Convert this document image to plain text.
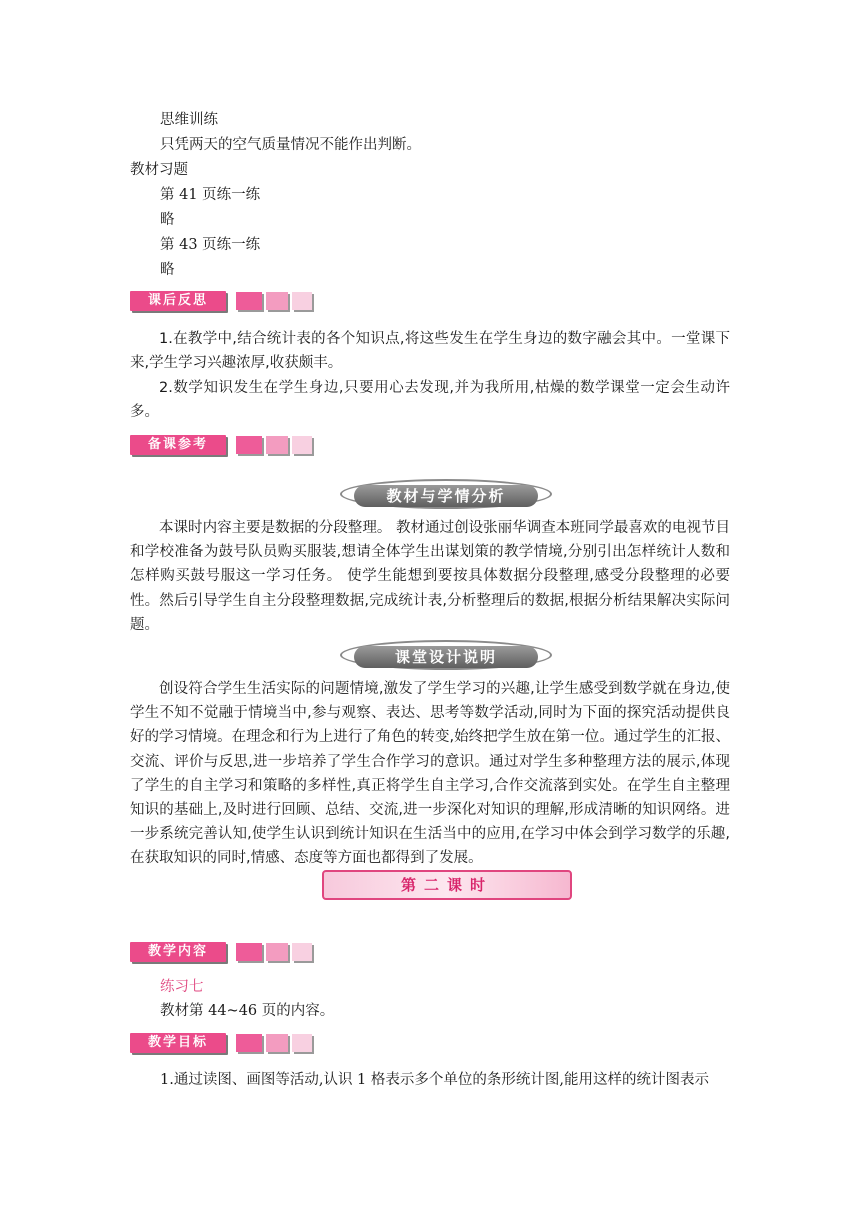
思维训练
只凭两天的空气质量情况不能作出判断。
教材习题
第 41 页练一练
略
第 43 页练一练
略
课后反思

1.在教学中,结合统计表的各个知识点,将这些发生在学生身边的数字融会其中。一堂课下来,学生学习兴趣浓厚,收获颇丰。

2.数学知识发生在学生身边,只要用心去发现,并为我所用,枯燥的数学课堂一定会生动许多。

备课参考
教材与学情分析

本课时内容主要是数据的分段整理。 教材通过创设张丽华调查本班同学最喜欢的电视节目和学校准备为鼓号队员购买服装,想请全体学生出谋划策的教学情境,分别引出怎样统计人数和怎样购买鼓号服这一学习任务。 使学生能想到要按具体数据分段整理,感受分段整理的必要性。然后引导学生自主分段整理数据,完成统计表,分析整理后的数据,根据分析结果解决实际问题。

课堂设计说明

创设符合学生生活实际的问题情境,激发了学生学习的兴趣,让学生感受到数学就在身边,使学生不知不觉融于情境当中,参与观察、表达、思考等数学活动,同时为下面的探究活动提供良好的学习情境。在理念和行为上进行了角色的转变,始终把学生放在第一位。通过学生的汇报、交流、评价与反思,进一步培养了学生合作学习的意识。通过对学生多种整理方法的展示,体现了学生的自主学习和策略的多样性,真正将学生自主学习,合作交流落到实处。在学生自主整理知识的基础上,及时进行回顾、总结、交流,进一步深化对知识的理解,形成清晰的知识网络。进一步系统完善认知,使学生认识到统计知识在生活当中的应用,在学习中体会到学习数学的乐趣,在获取知识的同时,情感、态度等方面也都得到了发展。

第二课时
教学内容
练习七
教材第 44~46 页的内容。
教学目标
1.通过读图、画图等活动,认识 1 格表示多个单位的条形统计图,能用这样的统计图表示
